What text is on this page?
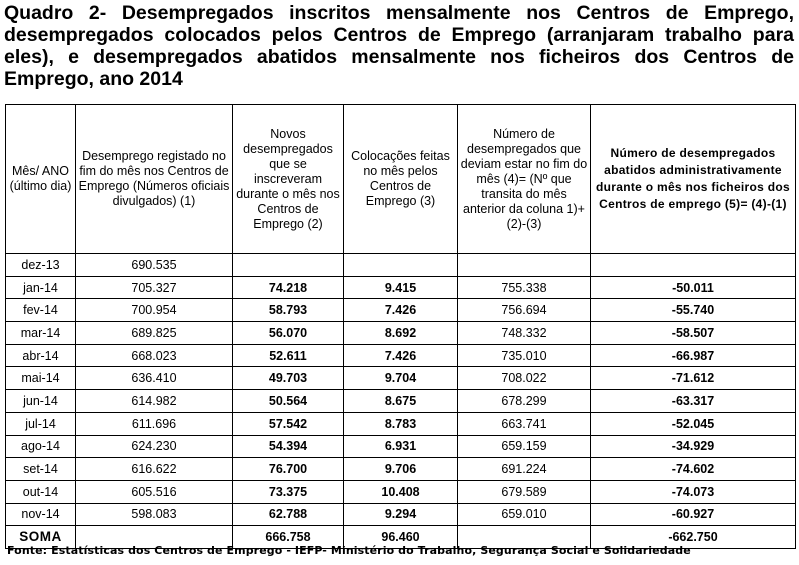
Quadro 2- Desempregados inscritos mensalmente nos Centros de Emprego, desempregados colocados pelos Centros de Emprego (arranjaram trabalho para eles), e desempregados abatidos mensalmente nos ficheiros dos Centros de Emprego, ano 2014
Mês/ ANO (último dia)	Desemprego registado no fim do mês nos Centros de Emprego (Números oficiais divulgados) (1)	Novos desempregados que se inscreveram durante o mês nos Centros de Emprego (2)	Colocações feitas no mês pelos Centros de Emprego (3)	Número de desempregados que deviam estar no fim do mês (4)= (Nº que transita do mês anterior da coluna 1)+(2)-(3)	Número de desempregados abatidos administrativamente durante o mês nos ficheiros dos Centros de emprego (5)= (4)-(1)
dez-13	690.535				
jan-14	705.327	74.218	9.415	755.338	-50.011
fev-14	700.954	58.793	7.426	756.694	-55.740
mar-14	689.825	56.070	8.692	748.332	-58.507
abr-14	668.023	52.611	7.426	735.010	-66.987
mai-14	636.410	49.703	9.704	708.022	-71.612
jun-14	614.982	50.564	8.675	678.299	-63.317
jul-14	611.696	57.542	8.783	663.741	-52.045
ago-14	624.230	54.394	6.931	659.159	-34.929
set-14	616.622	76.700	9.706	691.224	-74.602
out-14	605.516	73.375	10.408	679.589	-74.073
nov-14	598.083	62.788	9.294	659.010	-60.927
SOMA		666.758	96.460		-662.750
Fonte: Estatísticas dos Centros de Emprego - IEFP- Ministério do Trabalho, Segurança Social e Solidariedade
